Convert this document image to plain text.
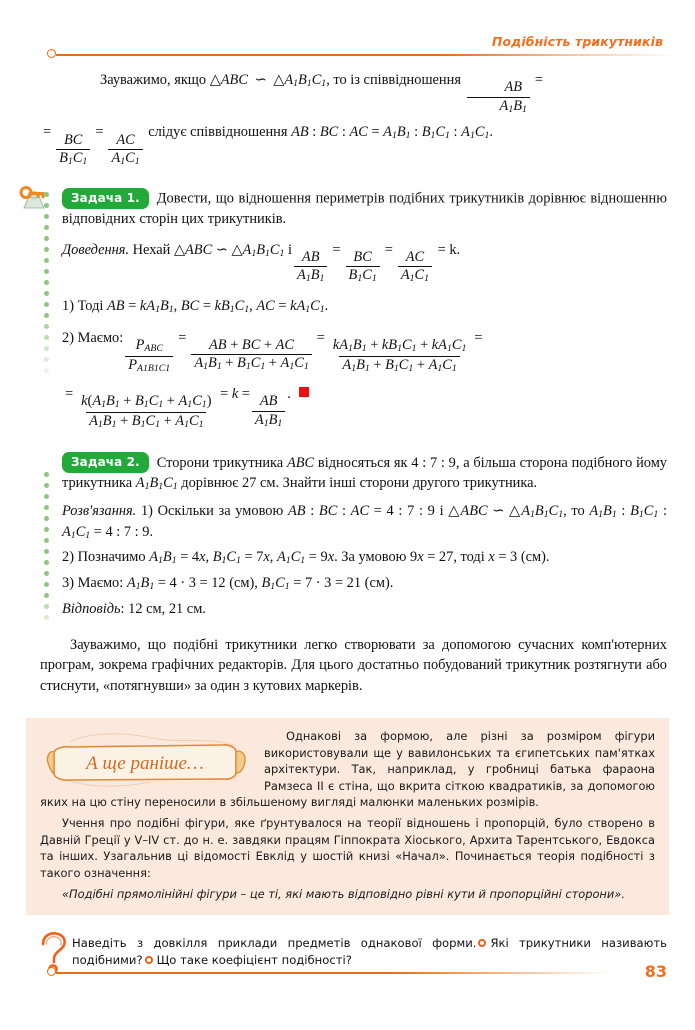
Подібність трикутників
Зауважимо, якщо △ABC ∽ $\triangle A_1B_1C_1$, то із співвідношення
$\frac{AB}{A_1B_1}$
=
=
$\frac{BC}{B_1C_1}$
=
$\frac{AC}{A_1C_1}$
слідує співвідношення AB : BC : AC = $A_1B_1$ : $B_1C_1$ : $A_1C_1$.
Задача 1. Довести, що відношення периметрів подібних трикутників дорівнює відношенню відповідних сторін цих трикутників.
Доведення. Нехай △ABC ∽ $\triangle A_1B_1C_1$ і
$\frac{AB}{A_1B_1}$
=
$\frac{BC}{B_1C_1}$
=
$\frac{AC}{A_1C_1}$
= k.
1) Тоді AB = $kA_1B_1$, BC = $kB_1C_1$, AC = $kA_1C_1$.
2) Маємо:
$\frac{P_{ABC}}{P_{A1B1C1}}$
=
$\frac{AB + BC + AC}{A_1B_1 + B_1C_1 + A_1C_1}$
=
$\frac{kA_1B_1 + kB_1C_1 + kA_1C_1}{A_1B_1 + B_1C_1 + A_1C_1}$
=
=
$\frac{k(A_1B_1 + B_1C_1 + A_1C_1)}{A_1B_1 + B_1C_1 + A_1C_1}$
= k =
$\frac{AB}{A_1B_1}$
.
Задача 2. Сторони трикутника ABC відносяться як 4 : 7 : 9, а більша сторона подібного йому трикутника $A_1B_1C_1$ дорівнює 27 см. Знайти інші сторони другого трикутника.
Розв'язання. 1) Оскільки за умовою AB : BC : AC = 4 : 7 : 9 і △ABC ∽ $\triangle A_1B_1C_1$, то $A_1B_1$ : $B_1C_1$ : $A_1C_1 = 4$ : 7 : 9.
2) Позначимо $A_1B_1 = 4x$, $B_1C_1 = 7x$, $A_1C_1 = 9x$. За умовою 9x = 27, тоді x = 3 (см).
3) Маємо: $A_1B_1 = 4 \cdot 3 = 12$ (см), $B_1C_1 = 7 \cdot 3 = 21$ (см).
Відповідь: 12 см, 21 см.
Зауважимо, що подібні трикутники легко створювати за допомогою сучасних комп'ютерних програм, зокрема графічних редакторів. Для цього достатньо побудований трикутник розтягнути або стиснути, «потягнувши» за один з кутових маркерів.
А ще раніше…

Однакові за формою, але різні за розміром фігури використовували ще у вавилонських та єгипетських пам'ятках архітектури. Так, наприклад, у гробниці батька фараона Рамзеса II є стіна, що вкрита сіткою квадратиків, за допомогою яких на цю стіну переносили в збільшеному вигляді малюнки маленьких розмірів.

Учення про подібні фігури, яке ґрунтувалося на теорії відношень і пропорцій, було створено в Давній Греції у V–IV ст. до н. е. завдяки працям Гіппократа Хіоського, Архита Тарентського, Евдокса та інших. Узагальнив ці відомості Евклід у шостій книзі «Начал». Починається теорія подібності з такого означення:

«Подібні прямолінійні фігури – це ті, які мають відповідно рівні кути й пропорційні сторони».

Наведіть з довкілля приклади предметів однакової форми. Які трикутники називають подібними? Що таке коефіцієнт подібності?
83
